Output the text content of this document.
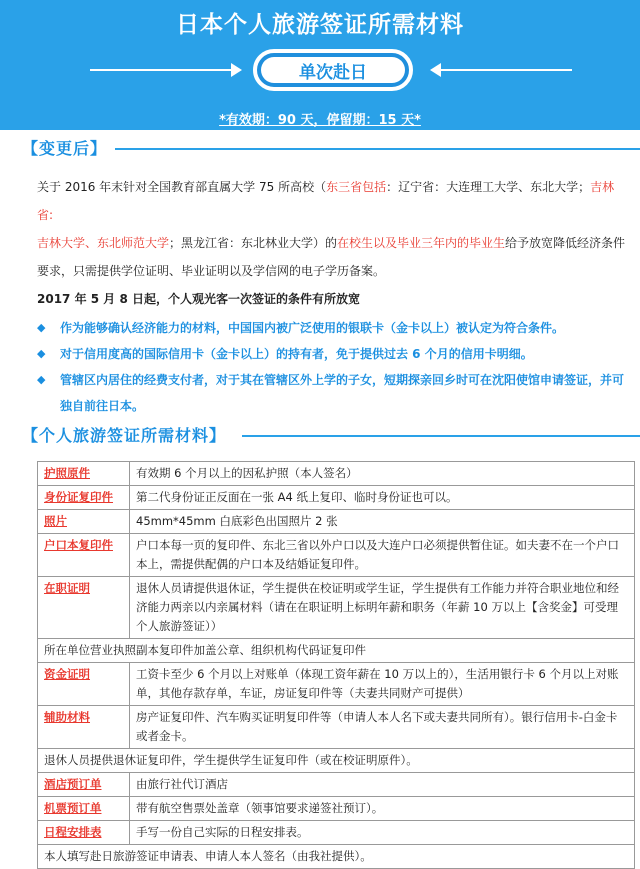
日本个人旅游签证所需材料
单次赴日
*有效期：90 天，停留期：15 天*
【变更后】
关于 2016 年末针对全国教育部直属大学 75 所高校（东三省包括：辽宁省：大连理工大学、东北大学；吉林省:
吉林大学、东北师范大学；黑龙江省：东北林业大学）的在校生以及毕业三年内的毕业生给予放宽降低经济条件
要求，只需提供学位证明、毕业证明以及学信网的电子学历备案。
2017 年 5 月 8 日起，个人观光客一次签证的条件有所放宽
◆ 作为能够确认经济能力的材料，中国国内被广泛使用的银联卡（金卡以上）被认定为符合条件。
◆ 对于信用度高的国际信用卡（金卡以上）的持有者，免于提供过去 6 个月的信用卡明细。
◆ 管辖区内居住的经费支付者，对于其在管辖区外上学的子女，短期探亲回乡时可在沈阳使馆申请签证，并可独自前往日本。
【个人旅游签证所需材料】
护照原件	有效期 6 个月以上的因私护照（本人签名）
身份证复印件	第二代身份证正反面在一张 A4 纸上复印、临时身份证也可以。
照片	45mm*45mm 白底彩色出国照片 2 张
户口本复印件	户口本每一页的复印件、东北三省以外户口以及大连户口必须提供暂住证。如夫妻不在一个户口本上，需提供配偶的户口本及结婚证复印件。
在职证明	退休人员请提供退休证，学生提供在校证明或学生证，学生提供有工作能力并符合职业地位和经济能力两亲以内亲属材料（请在在职证明上标明年薪和职务（年薪 10 万以上【含奖金】可受理个人旅游签证））
所在单位营业执照副本复印件加盖公章、组织机构代码证复印件	
资金证明	工资卡至少 6 个月以上对账单（体现工资年薪在 10 万以上的），生活用银行卡 6 个月以上对账单，其他存款存单，车证，房证复印件等（夫妻共同财产可提供）
辅助材料	房产证复印件、汽车购买证明复印件等（申请人本人名下或夫妻共同所有）。银行信用卡-白金卡或者金卡。
退休人员提供退休证复印件，学生提供学生证复印件（或在校证明原件）。	
酒店预订单	由旅行社代订酒店
机票预订单	带有航空售票处盖章（领事馆要求递签社预订）。
日程安排表	手写一份自己实际的日程安排表。
本人填写赴日旅游签证申请表、申请人本人签名（由我社提供）。	
